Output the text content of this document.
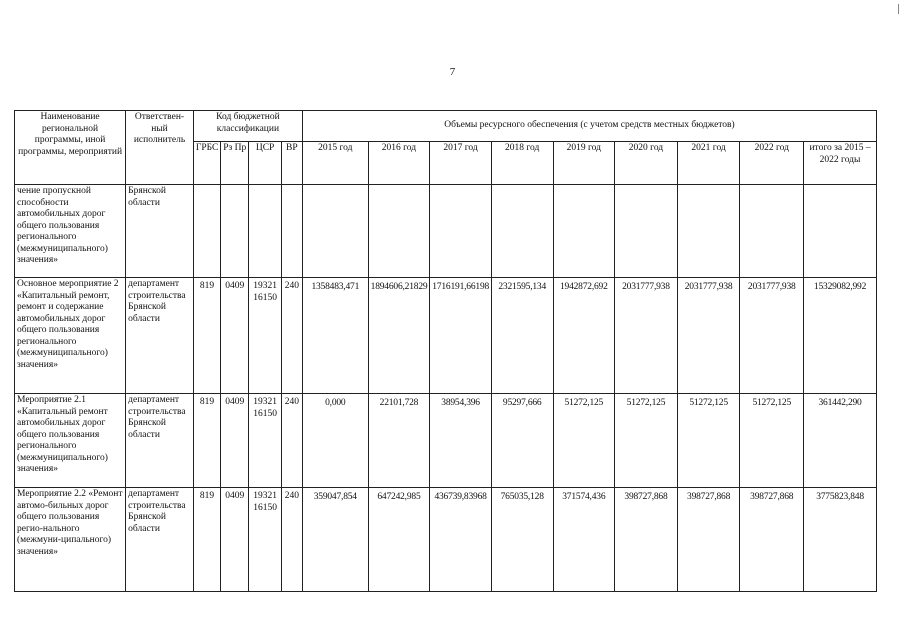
7
Наименование региональной программы, иной программы, мероприятий	Ответствен-ный исполнитель	Код бюджетной классификации				Объемы ресурсного обеспечения (с учетом средств местных бюджетов)								
		ГРБС	Рз Пр	ЦСР	ВР	2015 год	2016 год	2017 год	2018 год	2019 год	2020 год	2021 год	2022 год	итого за 2015 – 2022 годы
чение пропускной способности автомобильных дорог общего пользования регионального (межмуниципального) значения»	Брянской области													
Основное мероприятие 2 «Капитальный ремонт, ремонт и содержание автомобильных дорог общего пользования регионального (межмуниципального) значения»	департамент строительства Брянской области	819	0409	19321 16150	240	1358483,471	1894606,21829	1716191,66198	2321595,134	1942872,692	2031777,938	2031777,938	2031777,938	15329082,992
Мероприятие 2.1 «Капитальный ремонт автомобильных дорог общего пользования регионального (межмуниципального) значения»	департамент строительства Брянской области	819	0409	19321 16150	240	0,000	22101,728	38954,396	95297,666	51272,125	51272,125	51272,125	51272,125	361442,290
Мероприятие 2.2 «Ремонт автомо-бильных дорог общего пользования регио-нального (межмуни-ципального) значения»	департамент строительства Брянской области	819	0409	19321 16150	240	359047,854	647242,985	436739,83968	765035,128	371574,436	398727,868	398727,868	398727,868	3775823,848
